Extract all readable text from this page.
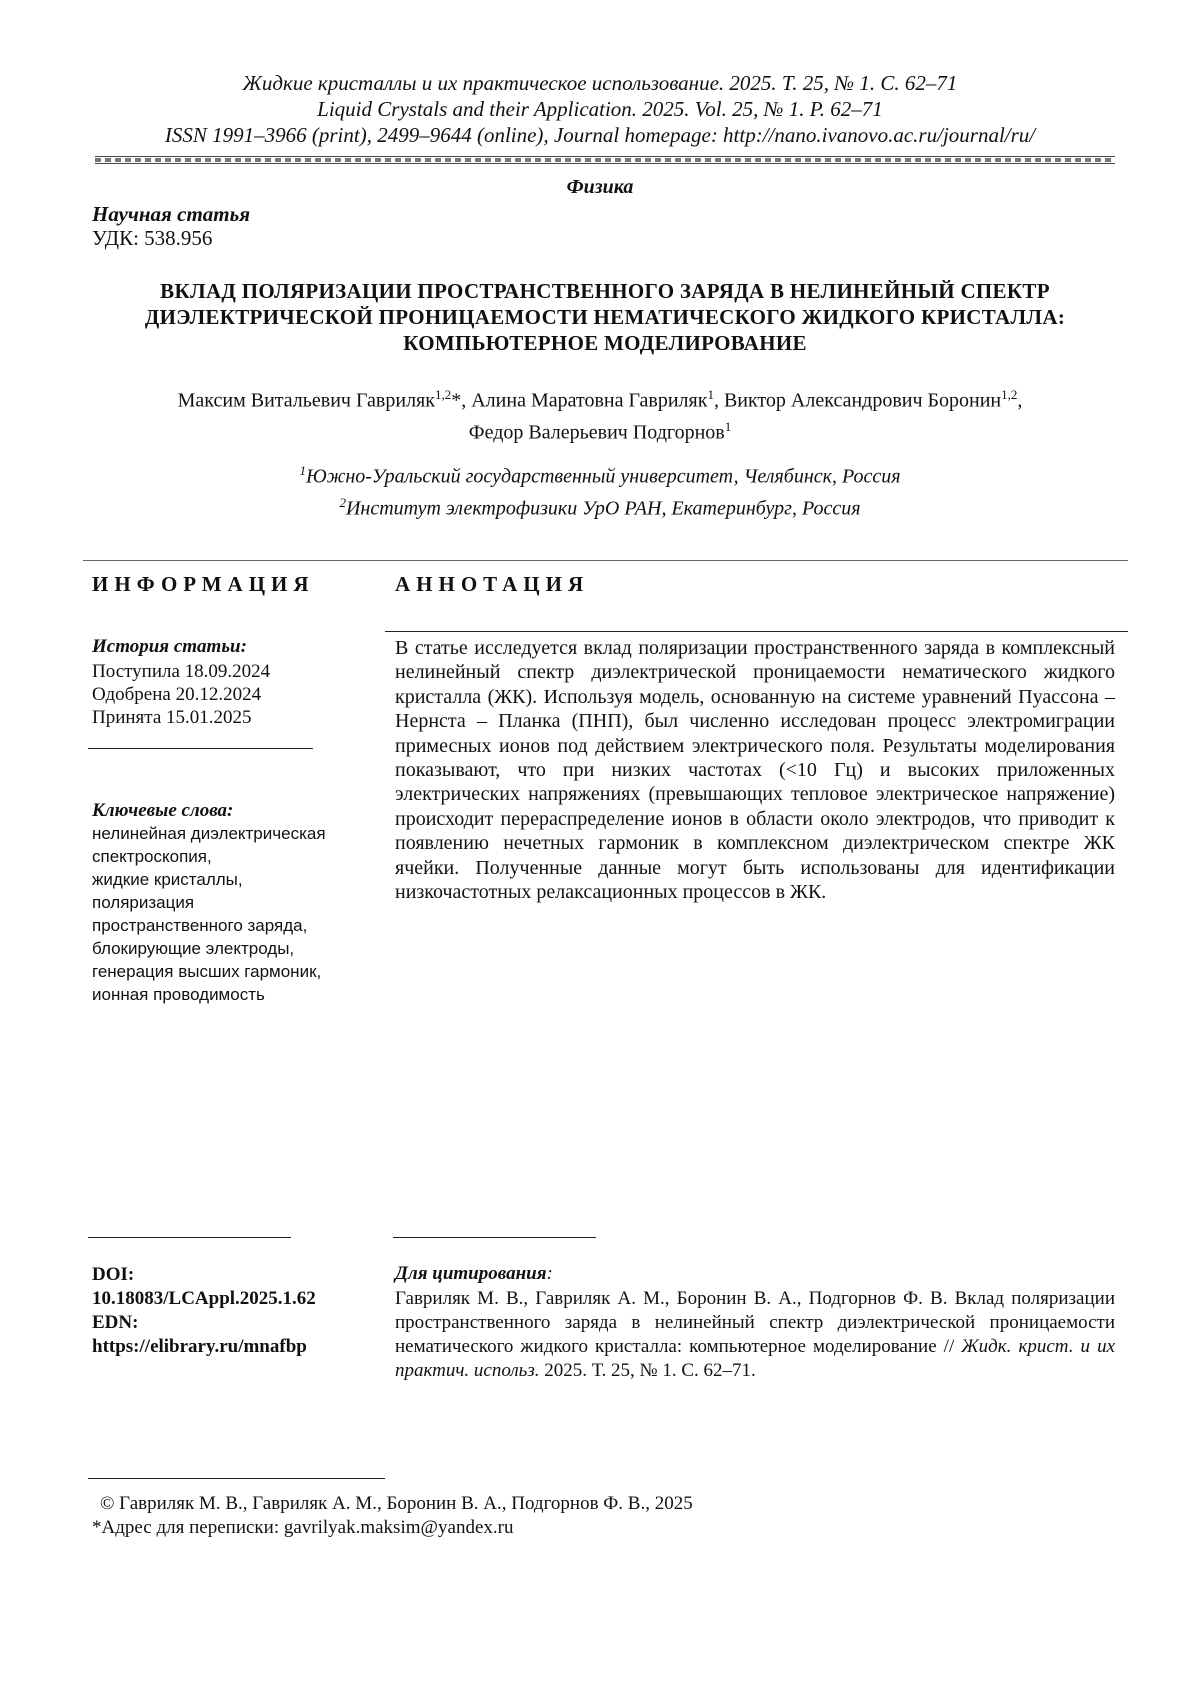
Жидкие кристаллы и их практическое использование. 2025. Т. 25, № 1. С. 62–71
Liquid Crystals and their Application. 2025. Vol. 25, № 1. P. 62–71
ISSN 1991–3966 (print), 2499–9644 (online), Journal homepage: http://nano.ivanovo.ac.ru/journal/ru/
Физика
Научная статья
УДК: 538.956
ВКЛАД ПОЛЯРИЗАЦИИ ПРОСТРАНСТВЕННОГО ЗАРЯДА В НЕЛИНЕЙНЫЙ СПЕКТР
ДИЭЛЕКТРИЧЕСКОЙ ПРОНИЦАЕМОСТИ НЕМАТИЧЕСКОГО ЖИДКОГО КРИСТАЛЛА:
КОМПЬЮТЕРНОЕ МОДЕЛИРОВАНИЕ
Максим Витальевич Гавриляк$^{1,2}$*, Алина Маратовна Гавриляк$^1$, Виктор Александрович Боронин$^{1,2}$,
Федор Валерьевич Подгорнов$^1$
$^1$Южно-Уральский государственный университет, Челябинск, Россия
$^2$Институт электрофизики УрО РАН, Екатеринбург, Россия
ИНФОРМАЦИЯ	АННОТАЦИЯ
История статьи:
Поступила 18.09.2024
Одобрена 20.12.2024
Принята 15.01.2025
Ключевые слова:
нелинейная диэлектрическая
спектроскопия,
жидкие кристаллы,
поляризация
пространственного заряда,
блокирующие электроды,
генерация высших гармоник,
ионная проводимость
В статье исследуется вклад поляризации пространственного заряда в комплексный нелинейный спектр диэлектрической проницаемости нематического жидкого кристалла (ЖК). Используя модель, основанную на системе уравнений Пуассона – Нернста – Планка (ПНП), был численно исследован процесс электромиграции примесных ионов под действием электрического поля. Результаты моделирования показывают, что при низких частотах (<10 Гц) и высоких приложенных электрических напряжениях (превышающих тепловое электрическое напряжение) происходит перераспределение ионов в области около электродов, что приводит к появлению нечетных гармоник в комплексном диэлектрическом спектре ЖК ячейки. Полученные данные могут быть использованы для идентификации низкочастотных релаксационных процессов в ЖК.
DOI:
10.18083/LCAppl.2025.1.62
EDN:
https://elibrary.ru/mnafbp
Для цитирования:
Гавриляк М. В., Гавриляк А. М., Боронин В. А., Подгорнов Ф. В. Вклад поляризации пространственного заряда в нелинейный спектр диэлектрической проницаемости нематического жидкого кристалла: компьютерное моделирование // Жидк. крист. и их практич. использ. 2025. Т. 25, № 1. С. 62–71.
© Гавриляк М. В., Гавриляк А. М., Боронин В. А., Подгорнов Ф. В., 2025
*Адрес для переписки: gavrilyak.maksim@yandex.ru
